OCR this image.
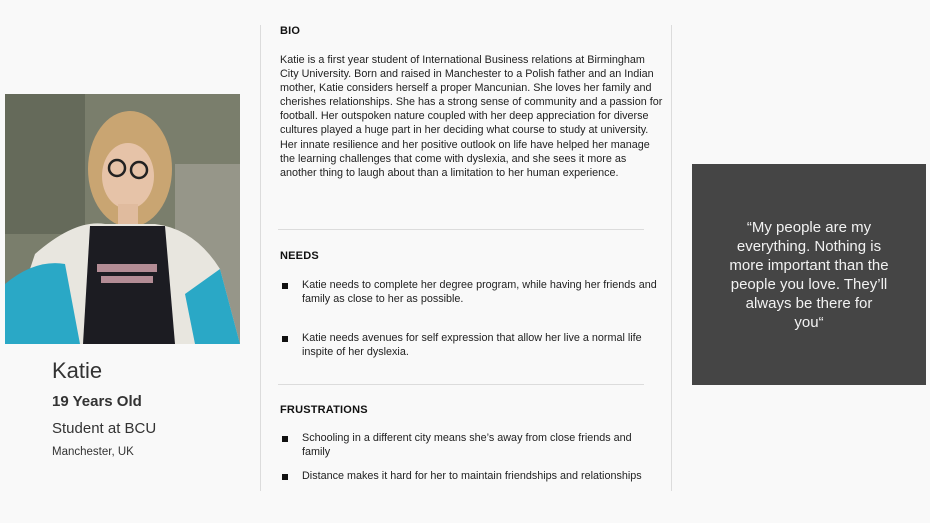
Katie
19 Years Old
Student at BCU
Manchester, UK
BIO
Katie is a first year student of International Business relations at Birmingham City University. Born and raised in Manchester to a Polish father and an Indian mother, Katie considers herself a proper Mancunian. She loves her family and cherishes relationships. She has a strong sense of community and a passion for football. Her outspoken nature coupled with her deep appreciation for diverse cultures played a huge part in her deciding what course to study at university. Her innate resilience and her positive outlook on life have helped her manage the learning challenges that come with dyslexia, and she sees it more as another thing to laugh about than a limitation to her human experience.
NEEDS
Katie needs to complete her degree program, while having her friends and family as close to her as possible.
Katie needs avenues for self expression that allow her live a normal life inspite of her dyslexia.
FRUSTRATIONS
Schooling in a different city means she’s away from close friends and family
Distance makes it hard for her to maintain friendships and relationships
“My people are my everything. Nothing is more important than the people you love. They’ll always be there for you“
